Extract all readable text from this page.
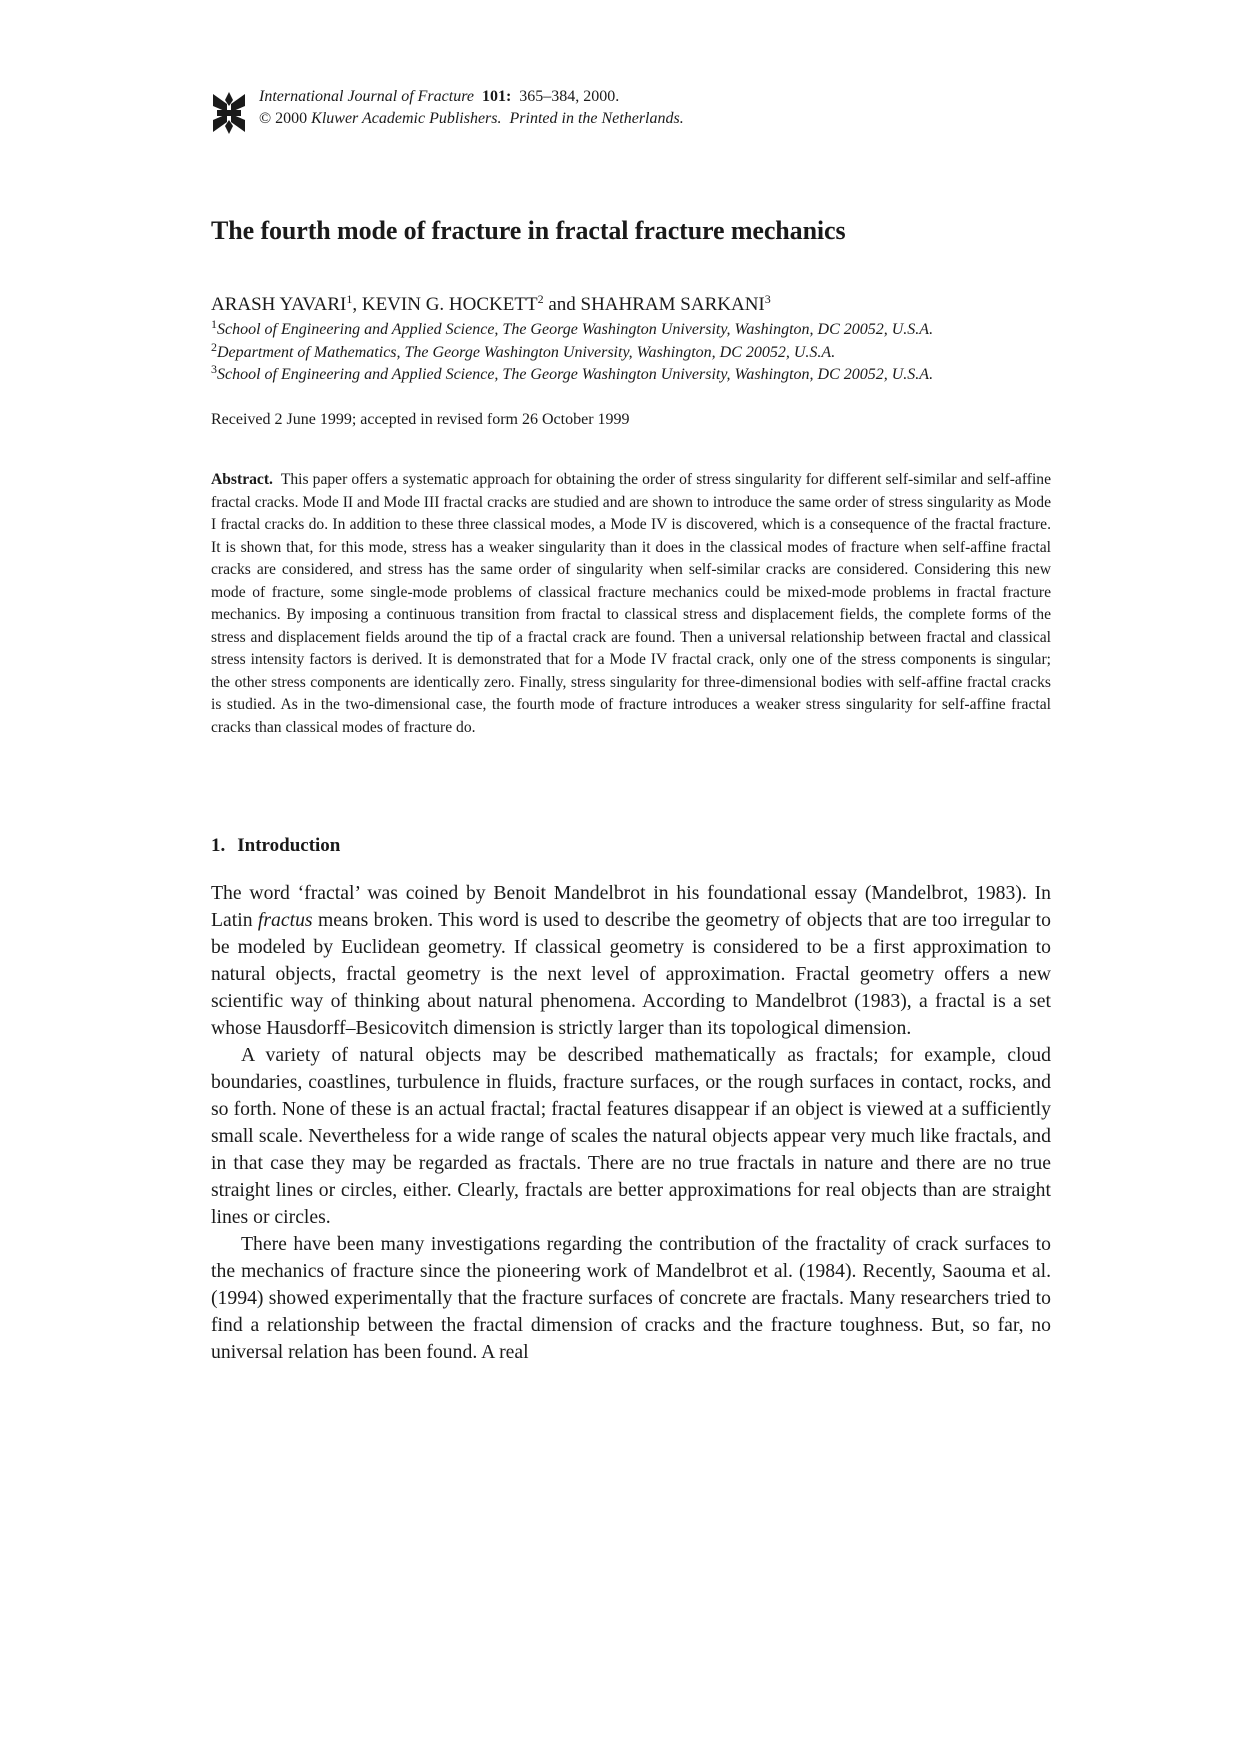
International Journal of Fracture 101: 365–384, 2000.
© 2000 Kluwer Academic Publishers. Printed in the Netherlands.
The fourth mode of fracture in fractal fracture mechanics
ARASH YAVARI$^1$, KEVIN G. HOCKETT$^2$ and SHAHRAM SARKANI$^3$
$^1$School of Engineering and Applied Science, The George Washington University, Washington, DC 20052, U.S.A.
$^2$Department of Mathematics, The George Washington University, Washington, DC 20052, U.S.A.
$^3$School of Engineering and Applied Science, The George Washington University, Washington, DC 20052, U.S.A.
Received 2 June 1999; accepted in revised form 26 October 1999

Abstract. This paper offers a systematic approach for obtaining the order of stress singularity for different self-similar and self-affine fractal cracks. Mode II and Mode III fractal cracks are studied and are shown to introduce the same order of stress singularity as Mode I fractal cracks do. In addition to these three classical modes, a Mode IV is discovered, which is a consequence of the fractal fracture. It is shown that, for this mode, stress has a weaker singularity than it does in the classical modes of fracture when self-affine fractal cracks are considered, and stress has the same order of singularity when self-similar cracks are considered. Considering this new mode of fracture, some single-mode problems of classical fracture mechanics could be mixed-mode problems in fractal fracture mechanics. By imposing a continuous transition from fractal to classical stress and displacement fields, the complete forms of the stress and displacement fields around the tip of a fractal crack are found. Then a universal relationship between fractal and classical stress intensity factors is derived. It is demonstrated that for a Mode IV fractal crack, only one of the stress components is singular; the other stress components are identically zero. Finally, stress singularity for three-dimensional bodies with self-affine fractal cracks is studied. As in the two-dimensional case, the fourth mode of fracture introduces a weaker stress singularity for self-affine fractal cracks than classical modes of fracture do.

1. Introduction

The word ‘fractal’ was coined by Benoit Mandelbrot in his foundational essay (Mandelbrot, 1983). In Latin fractus means broken. This word is used to describe the geometry of objects that are too irregular to be modeled by Euclidean geometry. If classical geometry is considered to be a first approximation to natural objects, fractal geometry is the next level of approximation. Fractal geometry offers a new scientific way of thinking about natural phenomena. According to Mandelbrot (1983), a fractal is a set whose Hausdorff–Besicovitch dimension is strictly larger than its topological dimension.

A variety of natural objects may be described mathematically as fractals; for example, cloud boundaries, coastlines, turbulence in fluids, fracture surfaces, or the rough surfaces in contact, rocks, and so forth. None of these is an actual fractal; fractal features disappear if an object is viewed at a sufficiently small scale. Nevertheless for a wide range of scales the natural objects appear very much like fractals, and in that case they may be regarded as fractals. There are no true fractals in nature and there are no true straight lines or circles, either. Clearly, fractals are better approximations for real objects than are straight lines or circles.

There have been many investigations regarding the contribution of the fractality of crack surfaces to the mechanics of fracture since the pioneering work of Mandelbrot et al. (1984). Recently, Saouma et al. (1994) showed experimentally that the fracture surfaces of concrete are fractals. Many researchers tried to find a relationship between the fractal dimension of cracks and the fracture toughness. But, so far, no universal relation has been found. A real
